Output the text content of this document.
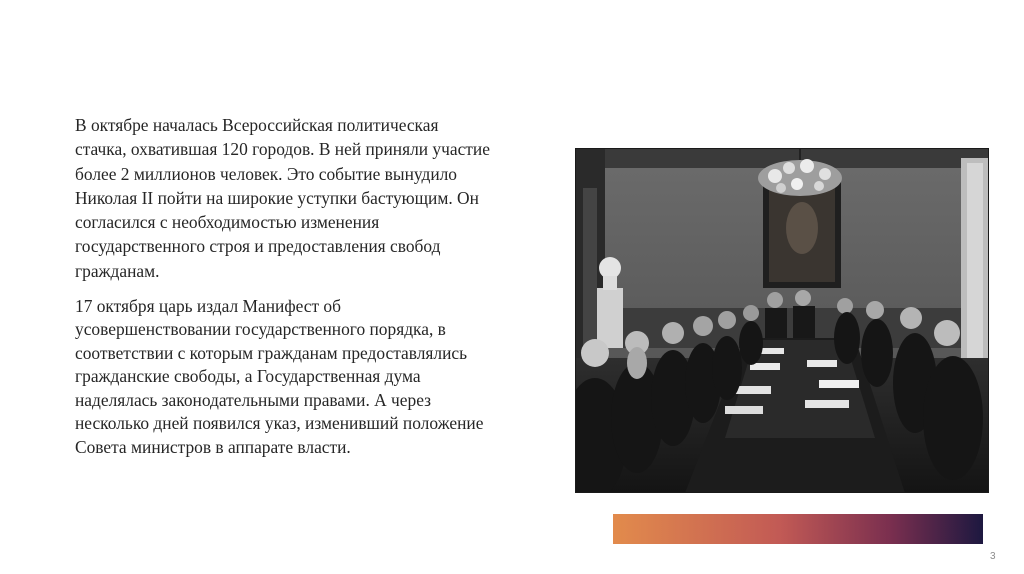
В октябре началась Всероссийская политическая стачка, охватившая 120 городов. В ней приняли участие более 2 миллионов человек. Это событие вынудило Николая II пойти на широкие уступки бастующим. Он согласился с необходимостью изменения государственного строя и предоставления свобод гражданам.

17 октября царь издал Манифест об усовершенствовании государственного порядка, в соответствии с которым гражданам предоставлялись гражданские свободы, а Государственная дума наделялась законодательными правами. А через несколько дней появился указ, изменивший положение Совета министров в аппарате власти.

3
